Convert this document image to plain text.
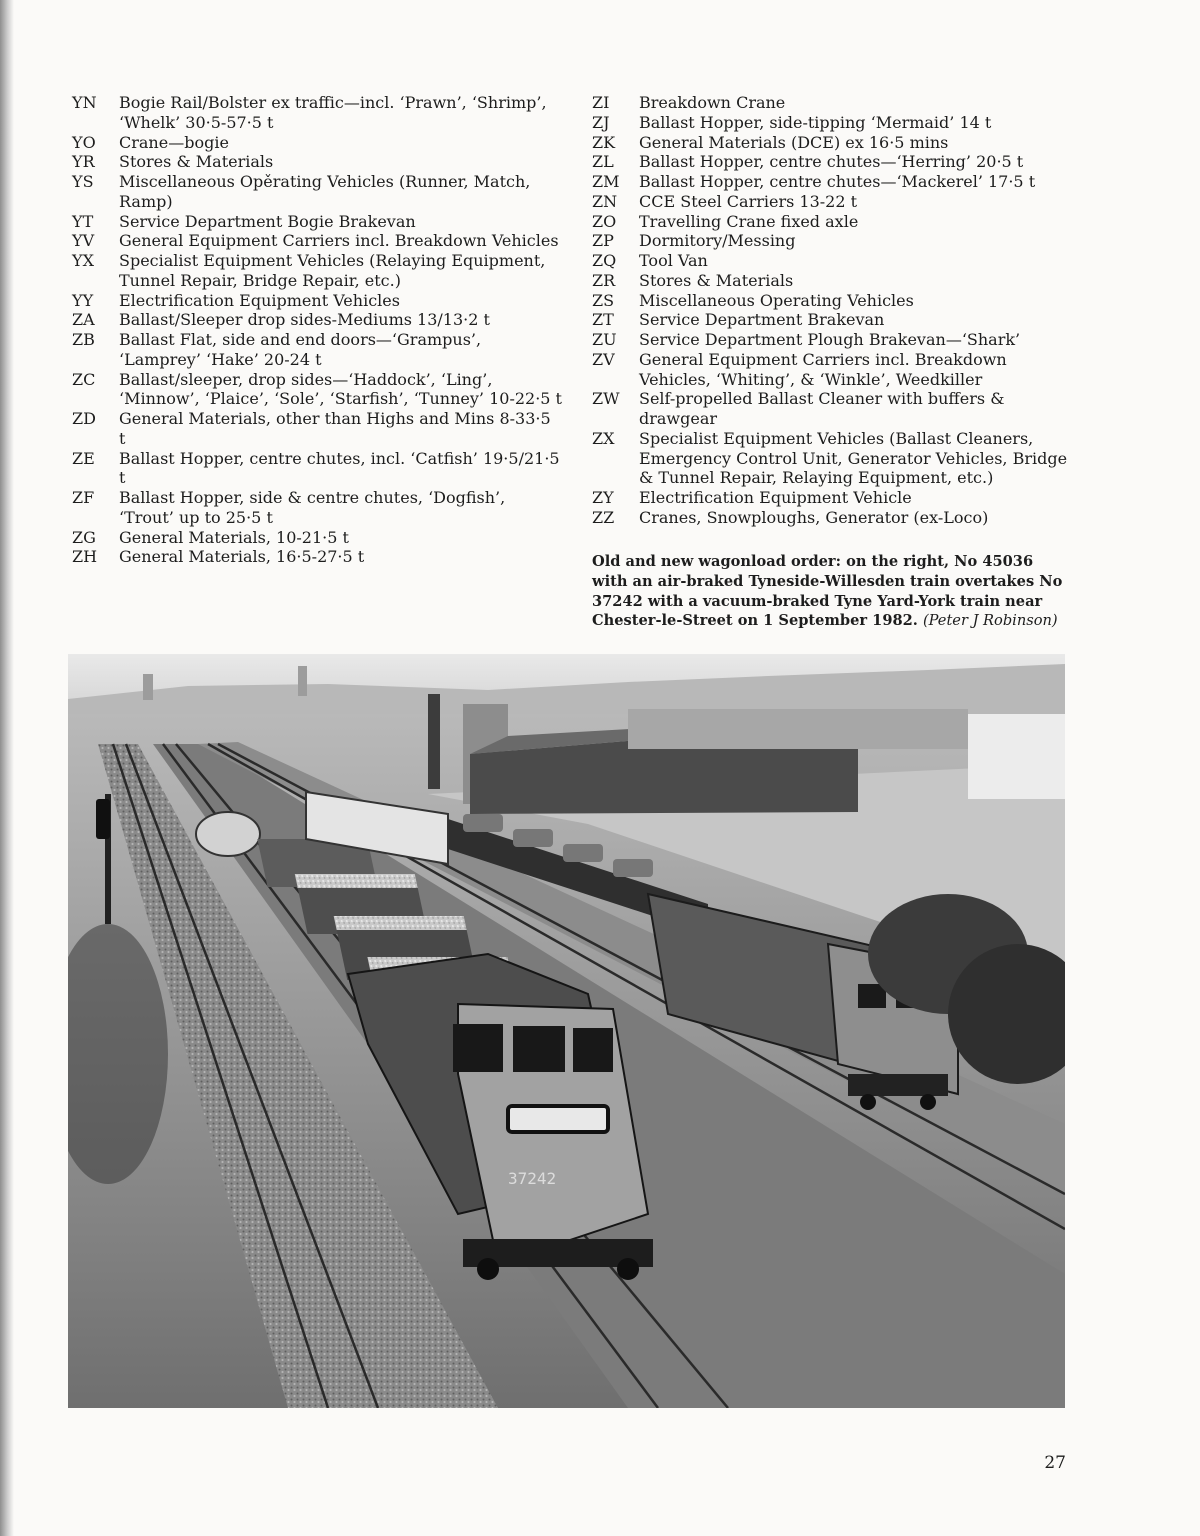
YN	Bogie Rail/Bolster ex traffic—incl. ‘Prawn’, ‘Shrimp’, ‘Whelk’ 30·5-57·5 t
YO	Crane—bogie
YR	Stores & Materials
YS	Miscellaneous Opěrating Vehicles (Runner, Match, Ramp)
YT	Service Department Bogie Brakevan
YV	General Equipment Carriers incl. Breakdown Vehicles
YX	Specialist Equipment Vehicles (Relaying Equipment, Tunnel Repair, Bridge Repair, etc.)
YY	Electrification Equipment Vehicles
ZA	Ballast/Sleeper drop sides-Mediums 13/13·2 t
ZB	Ballast Flat, side and end doors—‘Grampus’, ‘Lamprey’ ‘Hake’ 20-24 t
ZC	Ballast/sleeper, drop sides—‘Haddock’, ‘Ling’, ‘Minnow’, ‘Plaice’, ‘Sole’, ‘Starfish’, ‘Tunney’ 10-22·5 t
ZD	General Materials, other than Highs and Mins 8-33·5 t
ZE	Ballast Hopper, centre chutes, incl. ‘Catfish’ 19·5/21·5 t
ZF	Ballast Hopper, side & centre chutes, ‘Dogfish’, ‘Trout’ up to 25·5 t
ZG	General Materials, 10-21·5 t
ZH	General Materials, 16·5-27·5 t
ZI	Breakdown Crane
ZJ	Ballast Hopper, side-tipping ‘Mermaid’ 14 t
ZK	General Materials (DCE) ex 16·5 mins
ZL	Ballast Hopper, centre chutes—‘Herring’ 20·5 t
ZM	Ballast Hopper, centre chutes—‘Mackerel’ 17·5 t
ZN	CCE Steel Carriers 13-22 t
ZO	Travelling Crane fixed axle
ZP	Dormitory/Messing
ZQ	Tool Van
ZR	Stores & Materials
ZS	Miscellaneous Operating Vehicles
ZT	Service Department Brakevan
ZU	Service Department Plough Brakevan—‘Shark’
ZV	General Equipment Carriers incl. Breakdown Vehicles, ‘Whiting’, & ‘Winkle’, Weedkiller
ZW	Self-propelled Ballast Cleaner with buffers & drawgear
ZX	Specialist Equipment Vehicles (Ballast Cleaners, Emergency Control Unit, Generator Vehicles, Bridge & Tunnel Repair, Relaying Equipment, etc.)
ZY	Electrification Equipment Vehicle
ZZ	Cranes, Snowploughs, Generator (ex-Loco)
Old and new wagonload order: on the right, No 45036 with an air-braked Tyneside-Willesden train overtakes No 37242 with a vacuum-braked Tyne Yard-York train near Chester-le-Street on 1 September 1982. (Peter J Robinson)
37242
27
